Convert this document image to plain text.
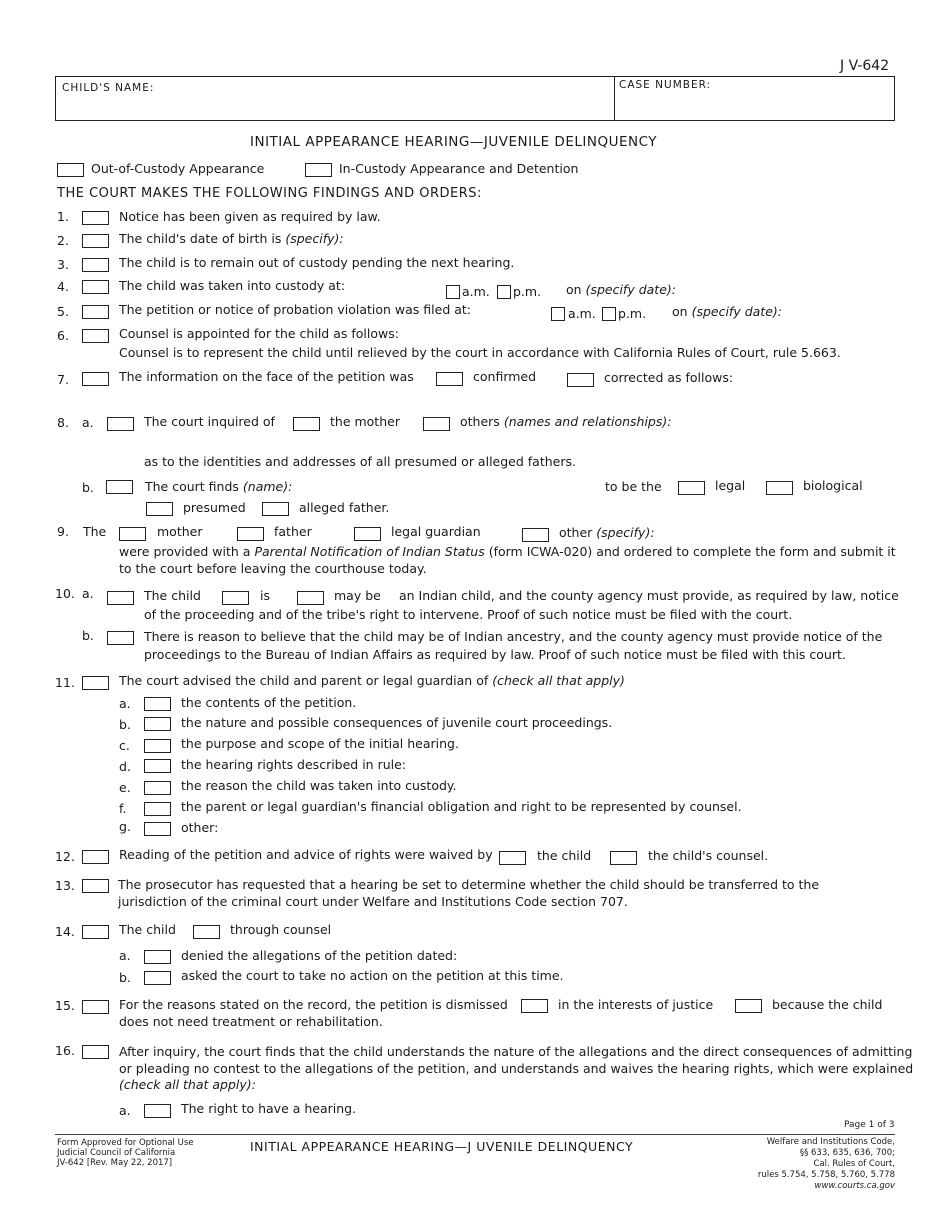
J V-642
CHILD'S NAME:	CASE NUMBER:
INITIAL APPEARANCE HEARING—JUVENILE DELINQUENCY
Out-of-Custody Appearance	In-Custody Appearance and Detention
THE COURT MAKES THE FOLLOWING FINDINGS AND ORDERS:
1.	Notice has been given as required by law.
2.	The child's date of birth is (specify):
3.	The child is to remain out of custody pending the next hearing.
4.	The child was taken into custody at:	a.m. p.m. on (specify date):
5.	The petition or notice of probation violation was filed at:	a.m. p.m. on (specify date):
6.	Counsel is appointed for the child as follows:
Counsel is to represent the child until relieved by the court in accordance with California Rules of Court, rule 5.663.
7.	The information on the face of the petition was	confirmed	corrected as follows:
8. a.	The court inquired of	the mother	others (names and relationships):
as to the identities and addresses of all presumed or alleged fathers.
b.	The court finds (name):	to be the	legal	biological
presumed	alleged father.
9. The	mother	father	legal guardian	other (specify):
were provided with a Parental Notification of Indian Status (form ICWA-020) and ordered to complete the form and submit it
to the court before leaving the courthouse today.
10. a.	The child	is	may be an Indian child, and the county agency must provide, as required by law, notice
of the proceeding and of the tribe's right to intervene. Proof of such notice must be filed with the court.
b.	There is reason to believe that the child may be of Indian ancestry, and the county agency must provide notice of the
proceedings to the Bureau of Indian Affairs as required by law. Proof of such notice must be filed with this court.
11.	The court advised the child and parent or legal guardian of (check all that apply)
a.	the contents of the petition.
b.	the nature and possible consequences of juvenile court proceedings.
c.	the purpose and scope of the initial hearing.
d.	the hearing rights described in rule:
e.	the reason the child was taken into custody.
f.	the parent or legal guardian's financial obligation and right to be represented by counsel.
g.	other:
12.	Reading of the petition and advice of rights were waived by	the child	the child's counsel.
13.	The prosecutor has requested that a hearing be set to determine whether the child should be transferred to the
jurisdiction of the criminal court under Welfare and Institutions Code section 707.
14.	The child	through counsel
a.	denied the allegations of the petition dated:
b.	asked the court to take no action on the petition at this time.
15.	For the reasons stated on the record, the petition is dismissed	in the interests of justice	because the child
does not need treatment or rehabilitation.
16.	After inquiry, the court finds that the child understands the nature of the allegations and the direct consequences of admitting
or pleading no contest to the allegations of the petition, and understands and waives the hearing rights, which were explained
(check all that apply):
a.	The right to have a hearing.
Page 1 of 3
Form Approved for Optional Use
Judicial Council of California
JV-642 [Rev. May 22, 2017]
INITIAL APPEARANCE HEARING—J UVENILE DELINQUENCY	Welfare and Institutions Code,
§§ 633, 635, 636, 700;
Cal. Rules of Court,
rules 5.754, 5.758, 5.760, 5.778
www.courts.ca.gov
